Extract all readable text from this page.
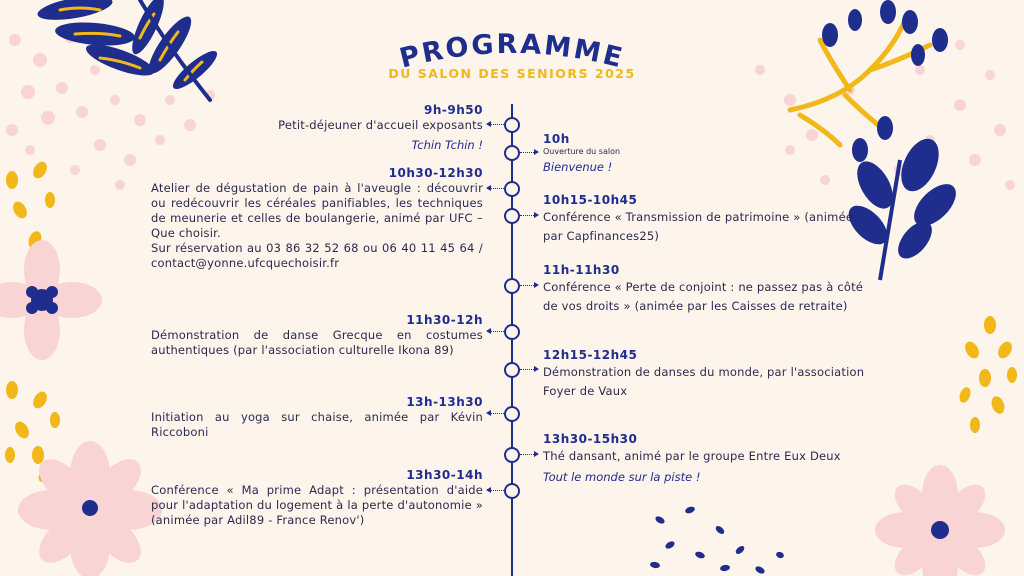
PROGRAMME
DU SALON DES SENIORS 2025
9h-9h50
Petit-déjeuner d'accueil exposants
Tchin Tchin !
10h30-12h30
Atelier de dégustation de pain à l'aveugle : découvrir ou redécouvrir les céréales panifiables, les techniques de meunerie et celles de boulangerie, animé par UFC – Que choisir.
Sur réservation au 03 86 32 52 68 ou 06 40 11 45 64 / contact@yonne.ufcquechoisir.fr
11h30-12h
Démonstration de danse Grecque en costumes authentiques (par l'association culturelle Ikona 89)
13h-13h30
Initiation au yoga sur chaise, animée par Kévin Riccoboni
13h30-14h
Conférence « Ma prime Adapt : présentation d'aide pour l'adaptation du logement à la perte d'autonomie » (animée par Adil89 - France Renov')
10h
Ouverture du salon
Bienvenue !
10h15-10h45
Conférence « Transmission de patrimoine » (animée par Capfinances25)
11h-11h30
Conférence « Perte de conjoint : ne passez pas à côté de vos droits » (animée par les Caisses de retraite)
12h15-12h45
Démonstration de danses du monde, par l'association Foyer de Vaux
13h30-15h30
Thé dansant, animé par le groupe Entre Eux Deux
Tout le monde sur la piste !
